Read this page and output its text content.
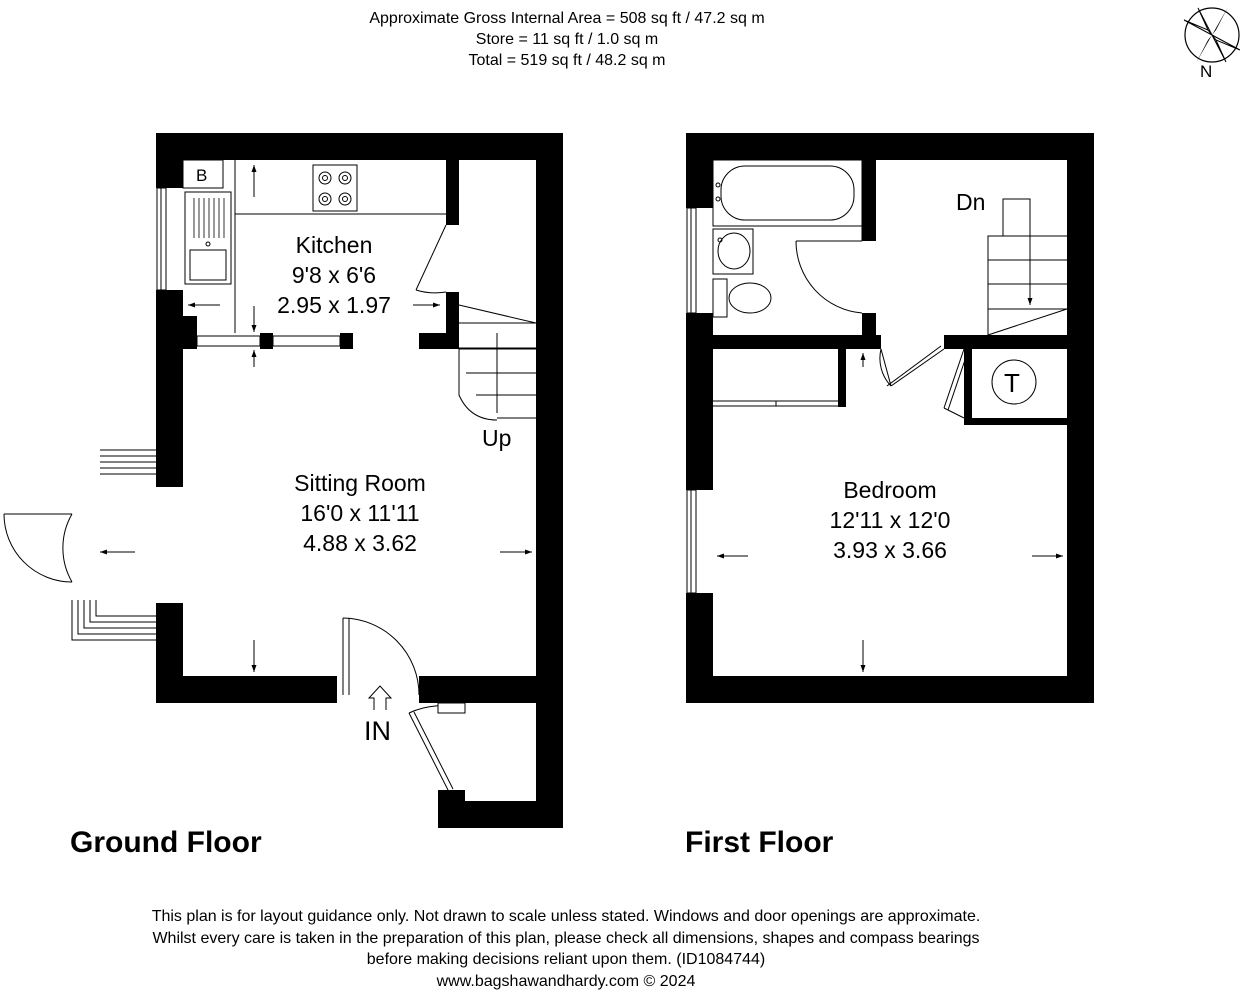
Approximate Gross Internal Area = 508 sq ft / 47.2 sq m
Store = 11 sq ft / 1.0 sq m
Total = 519 sq ft / 48.2 sq m
N
B
Kitchen
9'8 x 6'6
2.95 x 1.97
Up
Sitting Room
16'0 x 11'11
4.88 x 3.62
IN
Dn
T
Bedroom
12'11 x 12'0
3.93 x 3.66
Ground Floor	First Floor
This plan is for layout guidance only. Not drawn to scale unless stated. Windows and door openings are approximate.
Whilst every care is taken in the preparation of this plan, please check all dimensions, shapes and compass bearings
before making decisions reliant upon them. (ID1084744)
www.bagshawandhardy.com © 2024
